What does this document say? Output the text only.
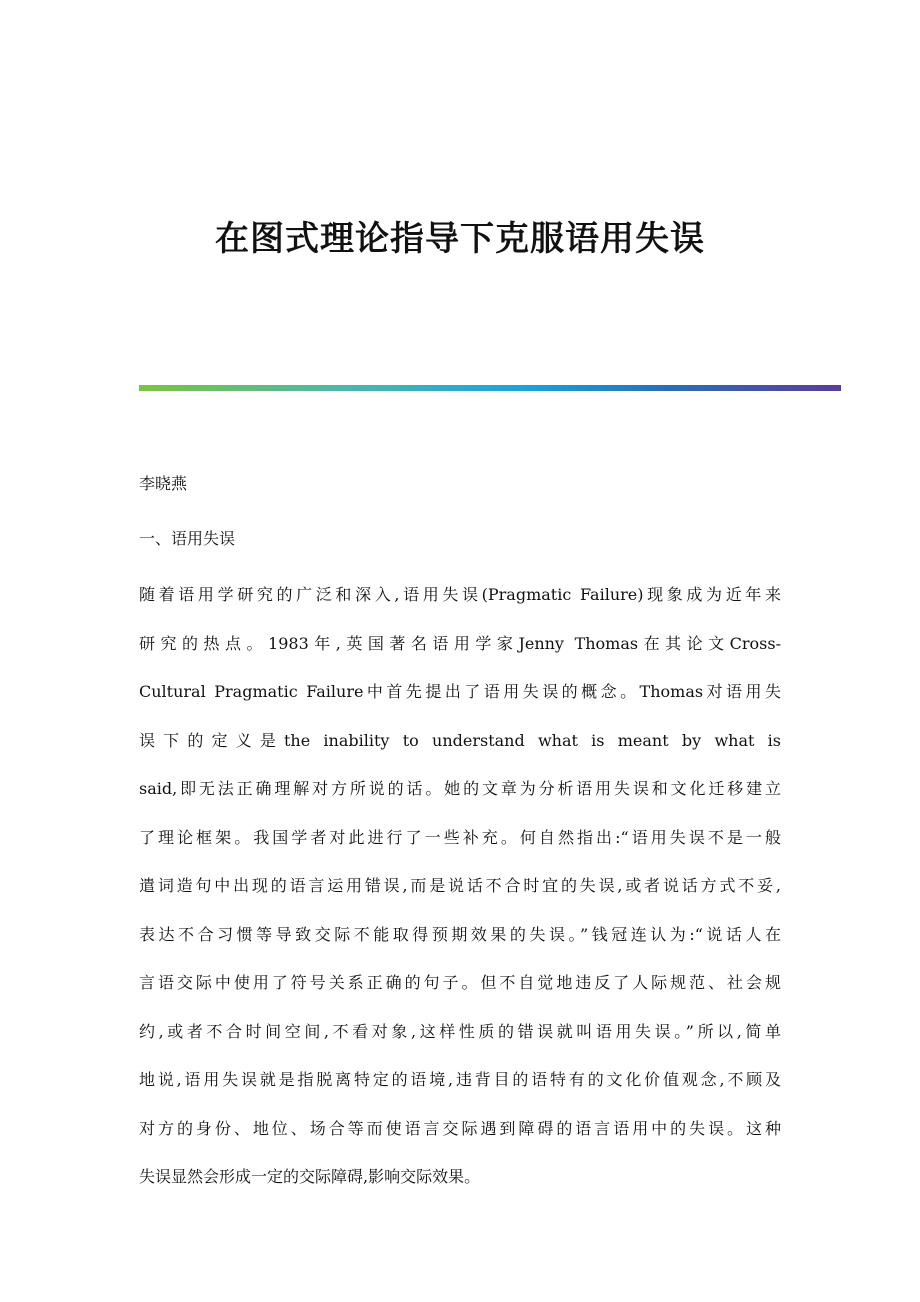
在图式理论指导下克服语用失误

李晓燕

一、语用失误

随着语用学研究的广泛和深入,语用失误(Pragmatic Failure)现象成为近年来
研究的热点。1983年,英国著名语用学家Jenny Thomas在其论文Cross-
Cultural Pragmatic Failure中首先提出了语用失误的概念。Thomas对语用失
误下的定义是the inability to understand what is meant by what is
said,即无法正确理解对方所说的话。她的文章为分析语用失误和文化迁移建立
了理论框架。我国学者对此进行了一些补充。何自然指出:“语用失误不是一般
遣词造句中出现的语言运用错误,而是说话不合时宜的失误,或者说话方式不妥,
表达不合习惯等导致交际不能取得预期效果的失误。”钱冠连认为:“说话人在
言语交际中使用了符号关系正确的句子。但不自觉地违反了人际规范、社会规
约,或者不合时间空间,不看对象,这样性质的错误就叫语用失误。”所以,简单
地说,语用失误就是指脱离特定的语境,违背目的语特有的文化价值观念,不顾及
对方的身份、地位、场合等而使语言交际遇到障碍的语言语用中的失误。这种
失误显然会形成一定的交际障碍,影响交际效果。
